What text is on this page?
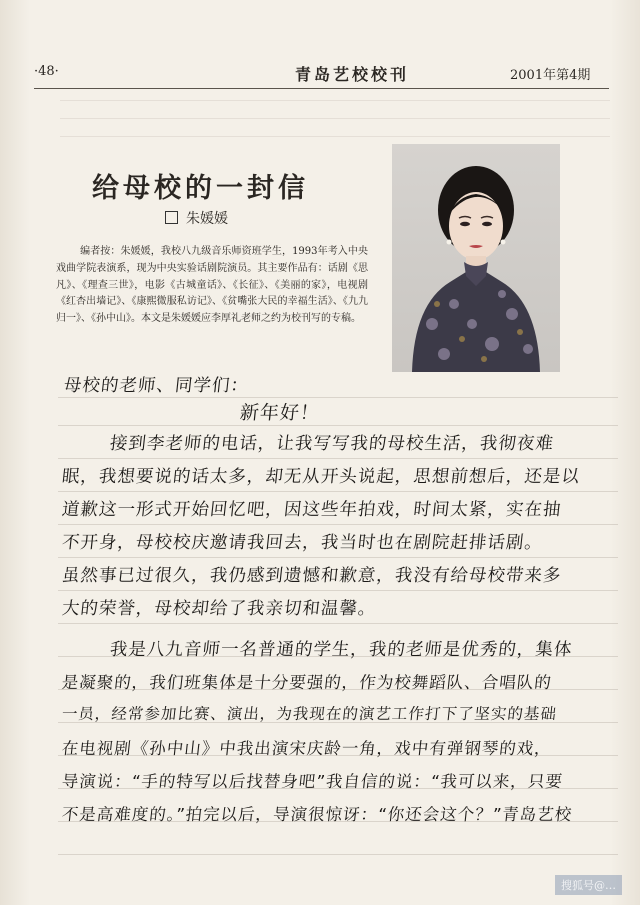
·48·	青岛艺校校刊	2001年第4期
给母校的一封信
朱媛媛
编者按：朱媛媛，我校八九级音乐师资班学生，1993年考入中央戏曲学院表演系，现为中央实验话剧院演员。其主要作品有：话剧《思凡》、《理查三世》，电影《古城童话》、《长征》、《美丽的家》，电视剧《红杏出墙记》、《康熙微服私访记》、《贫嘴张大民的幸福生活》、《九九归一》、《孙中山》。本文是朱媛媛应李厚礼老师之约为校刊写的专稿。
母校的老师、同学们：
新年好！
接到李老师的电话，让我写写我的母校生活，我彻夜难
眠，我想要说的话太多，却无从开头说起，思想前想后，还是以
道歉这一形式开始回忆吧，因这些年拍戏，时间太紧，实在抽
不开身，母校校庆邀请我回去，我当时也在剧院赶排话剧。
虽然事已过很久，我仍感到遗憾和歉意，我没有给母校带来多
大的荣誉，母校却给了我亲切和温馨。
我是八九音师一名普通的学生，我的老师是优秀的，集体
是凝聚的，我们班集体是十分要强的，作为校舞蹈队、合唱队的
一员，经常参加比赛、演出，为我现在的演艺工作打下了坚实的基础
在电视剧《孙中山》中我出演宋庆龄一角，戏中有弹钢琴的戏，
导演说：“手的特写以后找替身吧”我自信的说：“我可以来，只要
不是高难度的。”拍完以后，导演很惊讶：“你还会这个？”青岛艺校
搜狐号@…
